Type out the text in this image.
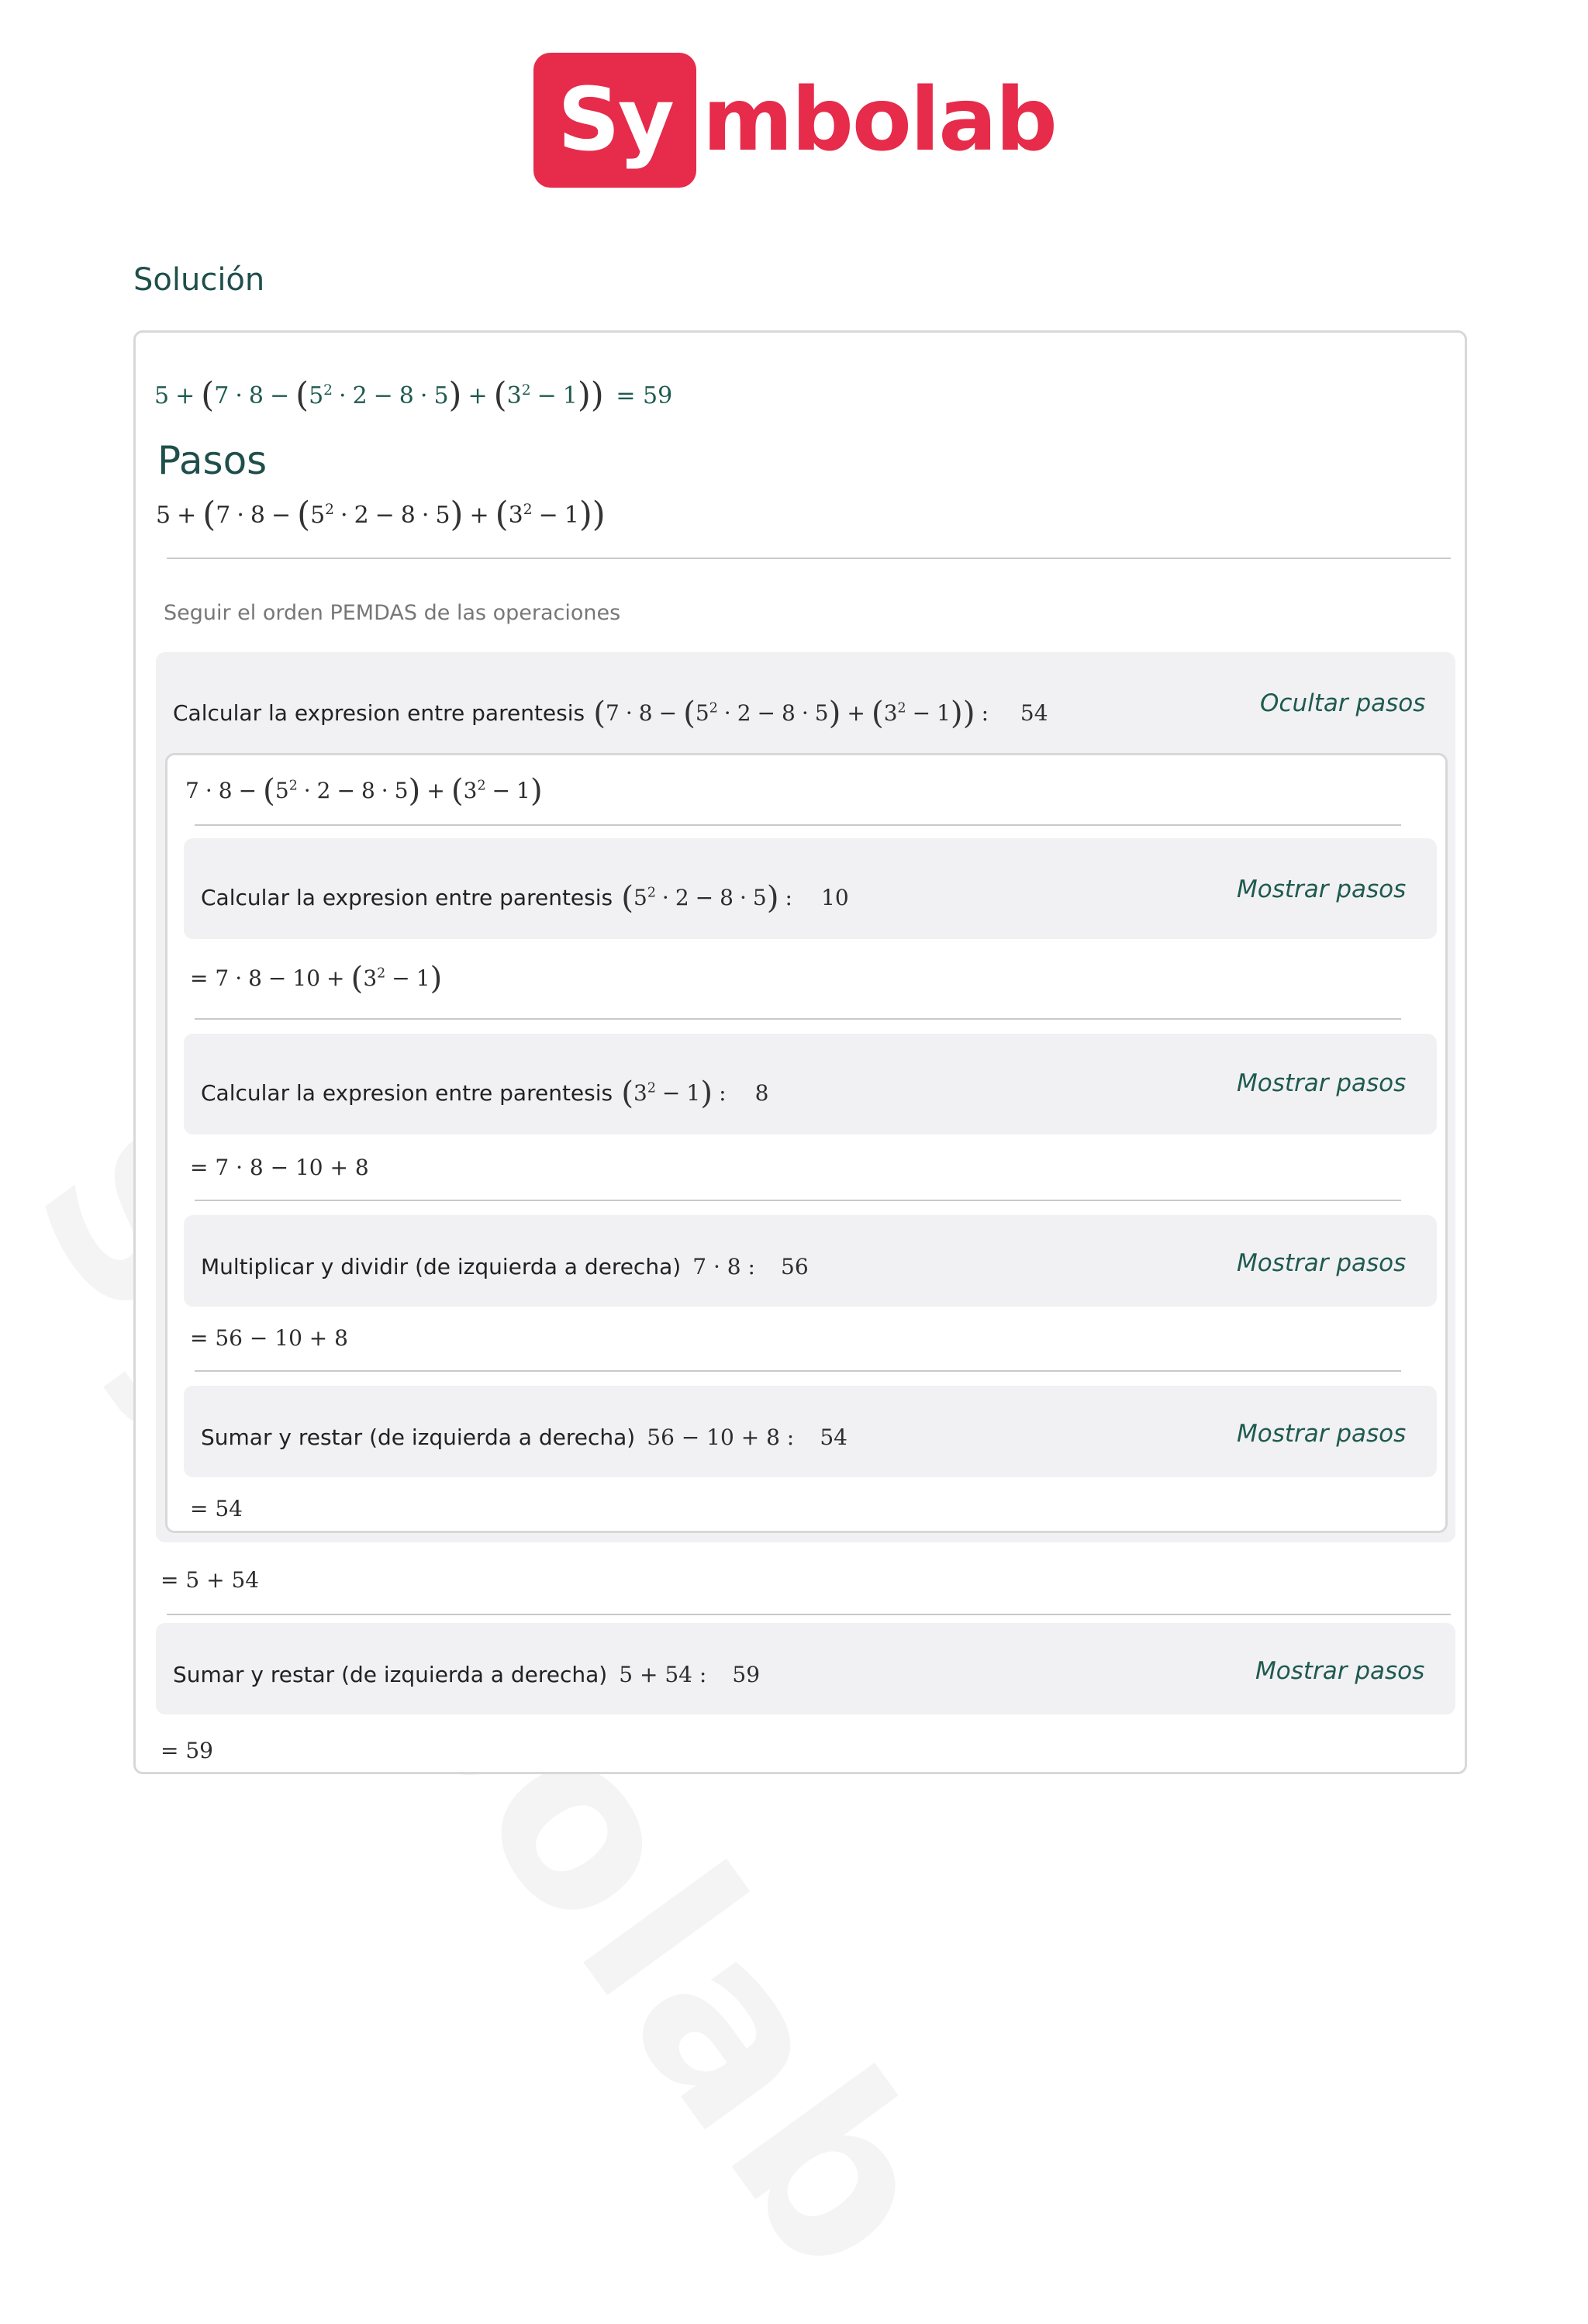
Sy mbolab
Solución
$5 + (7 \cdot 8 - (5^2 \cdot 2 - 8 \cdot 5) + (3^2 - 1)) = 59$
Pasos
$5 + (7 \cdot 8 - (5^2 \cdot 2 - 8 \cdot 5) + (3^2 - 1))$
Seguir el orden PEMDAS de las operaciones
Calcular la expresion entre parentesis $(7 \cdot 8 - (5^2 \cdot 2 - 8 \cdot 5) + (3^2 - 1))$ : 54	Ocultar pasos
$7 \cdot 8 - (5^2 \cdot 2 - 8 \cdot 5) + (3^2 - 1)$
Calcular la expresion entre parentesis $(5^2 \cdot 2 - 8 \cdot 5)$ : 10	Mostrar pasos
= $7 \cdot 8 - 10 + (3^2 - 1)$
Calcular la expresion entre parentesis $(3^2 - 1)$ : 8	Mostrar pasos
= 7 · 8 − 10 + 8
Multiplicar y dividir (de izquierda a derecha) 7 · 8 : 56	Mostrar pasos
= 56 − 10 + 8
Sumar y restar (de izquierda a derecha) 56 − 10 + 8 : 54	Mostrar pasos
= 54
= 5 + 54
Sumar y restar (de izquierda a derecha) 5 + 54 : 59	Mostrar pasos
= 59
